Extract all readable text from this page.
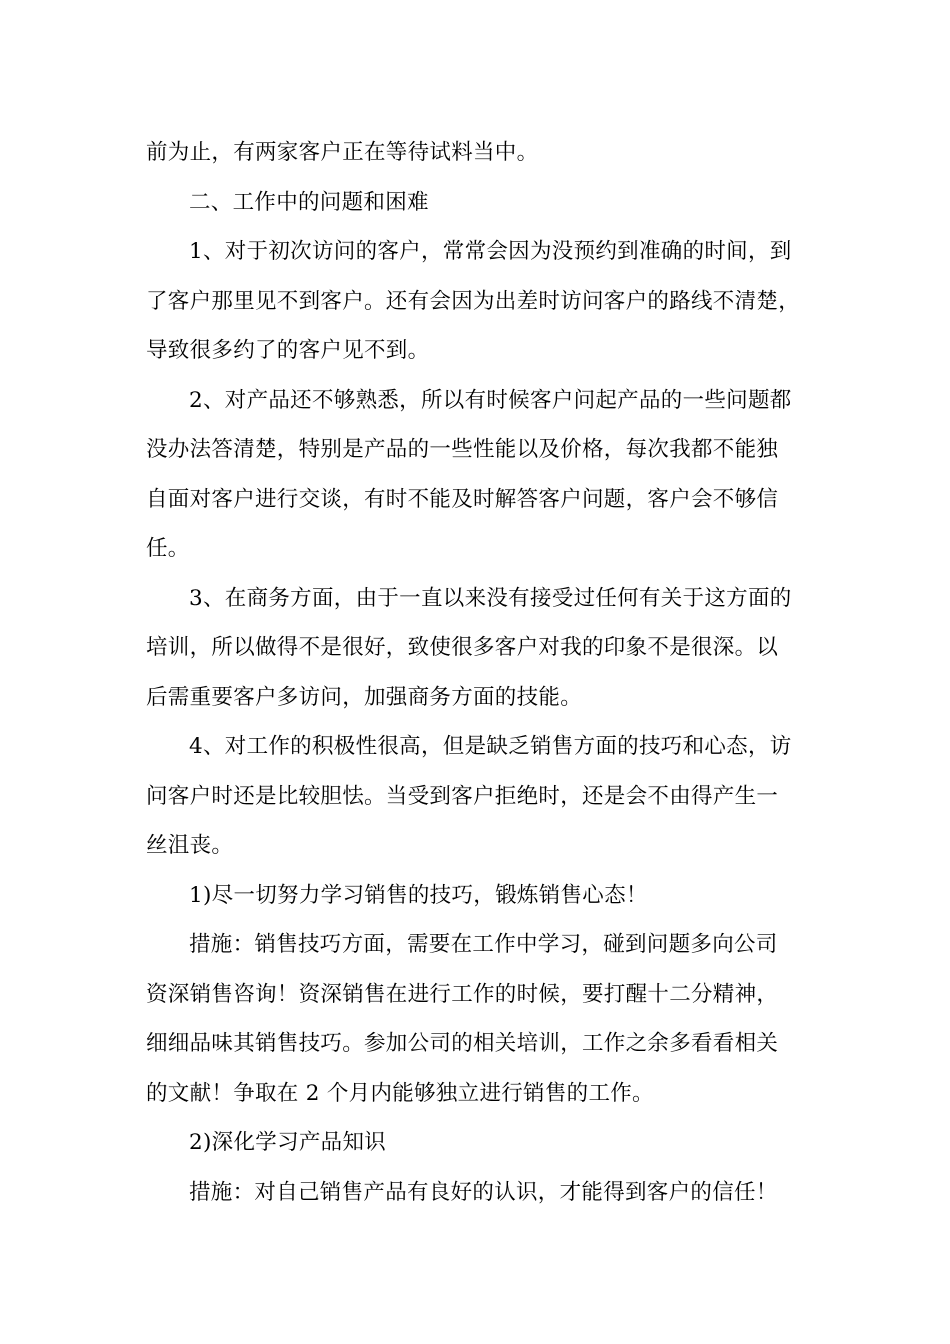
前为止，有两家客户正在等待试料当中。
二、工作中的问题和困难
1、对于初次访问的客户，常常会因为没预约到准确的时间，到
了客户那里见不到客户。还有会因为出差时访问客户的路线不清楚，
导致很多约了的客户见不到。
2、对产品还不够熟悉，所以有时候客户问起产品的一些问题都
没办法答清楚，特别是产品的一些性能以及价格，每次我都不能独
自面对客户进行交谈，有时不能及时解答客户问题，客户会不够信
任。
3、在商务方面，由于一直以来没有接受过任何有关于这方面的
培训，所以做得不是很好，致使很多客户对我的印象不是很深。以
后需重要客户多访问，加强商务方面的技能。
4、对工作的积极性很高，但是缺乏销售方面的技巧和心态，访
问客户时还是比较胆怯。当受到客户拒绝时，还是会不由得产生一
丝沮丧。
1)尽一切努力学习销售的技巧，锻炼销售心态！
措施：销售技巧方面，需要在工作中学习，碰到问题多向公司
资深销售咨询！资深销售在进行工作的时候，要打醒十二分精神，
细细品味其销售技巧。参加公司的相关培训，工作之余多看看相关
的文献！争取在 2 个月内能够独立进行销售的工作。
2)深化学习产品知识
措施：对自己销售产品有良好的认识，才能得到客户的信任！
